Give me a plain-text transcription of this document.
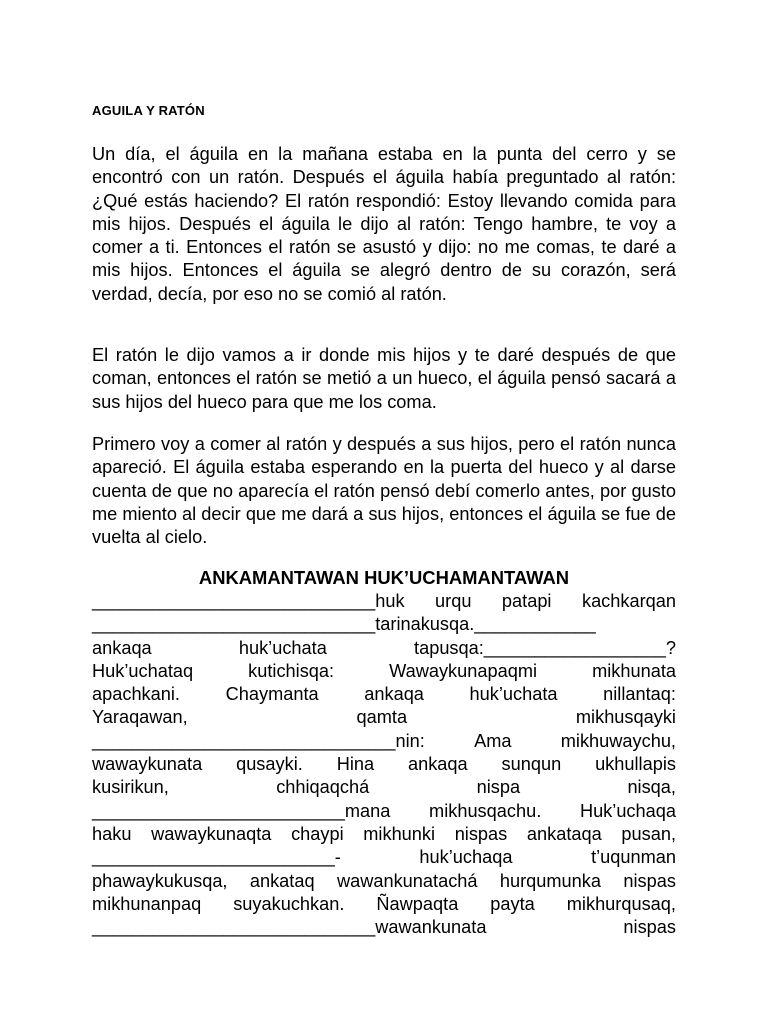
AGUILA Y RATÓN

Un día, el águila en la mañana estaba en la punta del cerro y se encontró con un ratón. Después el águila había preguntado al ratón: ¿Qué estás haciendo? El ratón respondió: Estoy llevando comida para mis hijos. Después el águila le dijo al ratón: Tengo hambre, te voy a comer a ti. Entonces el ratón se asustó y dijo: no me comas, te daré a mis hijos. Entonces el águila se alegró dentro de su corazón, será verdad, decía, por eso no se comió al ratón.

El ratón le dijo vamos a ir donde mis hijos y te daré después de que coman, entonces el ratón se metió a un hueco, el águila pensó sacará a sus hijos del hueco para que me los coma.

Primero voy a comer al ratón y después a sus hijos, pero el ratón nunca apareció. El águila estaba esperando en la puerta del hueco y al darse cuenta de que no aparecía el ratón pensó debí comerlo antes, por gusto me miento al decir que me dará a sus hijos, entonces el águila se fue de vuelta al cielo.

ANKAMANTAWAN HUK’UCHAMANTAWAN
____________________________huk urqu patapi kachkarqan
____________________________tarinakusqa.____________
ankaqa	huk’uchata	tapusqa:__________________?
Huk’uchataq	kutichisqa:	Wawaykunapaqmi	mikhunata
apachkani.	Chaymanta	ankaqa	huk’uchata	nillantaq:
Yaraqawan,	qamta	mikhusqayki
______________________________nin:	Ama	mikhuwaychu,
wawaykunata qusayki. Hina ankaqa sunqun ukhullapis
kusirikun,	chhiqaqchá	nispa	nisqa,
_________________________mana mikhusqachu. Huk’uchaqa
haku wawaykunaqta chaypi mikhunki nispas ankataqa pusan,
________________________-	huk’uchaqa	t’uqunman
phawaykukusqa, ankataq wawankunatachá hurqumunka nispas
mikhunanpaq suyakuchkan. Ñawpaqta payta mikhurqusaq,
____________________________wawankunata	nispas
